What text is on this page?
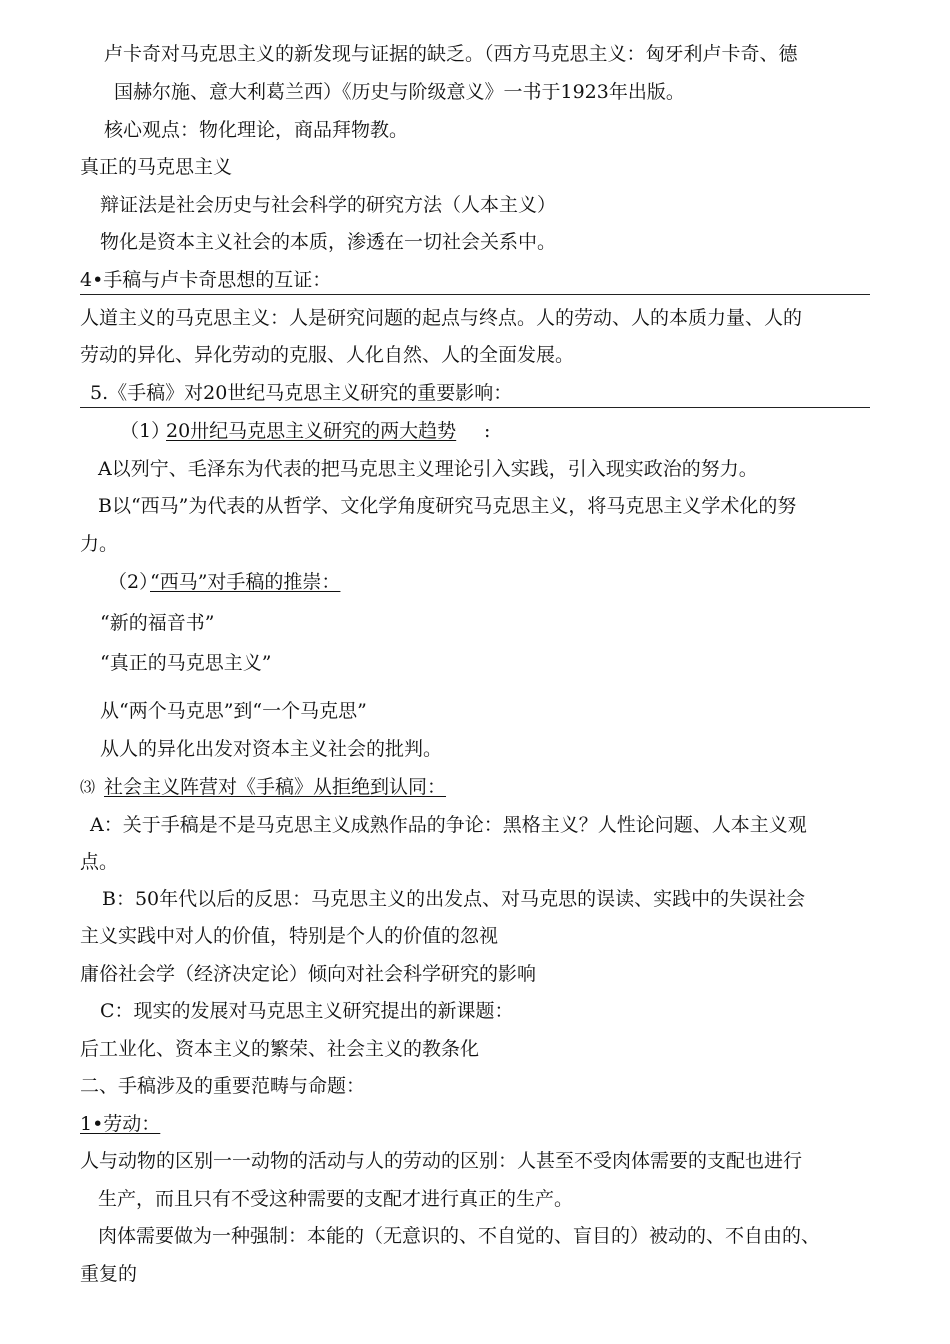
卢卡奇对马克思主义的新发现与证据的缺乏。（西方马克思主义：匈牙利卢卡奇、德
国赫尔施、意大利葛兰西）《历史与阶级意义》一书于1923年出版。
核心观点：物化理论，商品拜物教。
真正的马克思主义
辩证法是社会历史与社会科学的研究方法（人本主义）
物化是资本主义社会的本质，渗透在一切社会关系中。
4•手稿与卢卡奇思想的互证：
人道主义的马克思主义：人是研究问题的起点与终点。人的劳动、人的本质力量、人的
劳动的异化、异化劳动的克服、人化自然、人的全面发展。
5.《手稿》对20世纪马克思主义研究的重要影响：
（1）
20卅纪马克思主义研究的两大趋势 :
A以列宁、毛泽东为代表的把马克思主义理论引入实践，引入现实政治的努力。
B以“西马”为代表的从哲学、文化学角度研究马克思主义，将马克思主义学术化的努
力。
（2）
“西马”对手稿的推崇：
“新的福音书”
“真正的马克思主义”
从“两个马克思”到“一个马克思”
从人的异化出发对资本主义社会的批判。
⑶ 社会主义阵营对《手稿》从拒绝到认同：
A：关于手稿是不是马克思主义成熟作品的争论：黑格主义？人性论问题、人本主义观
点。
B：50年代以后的反思：马克思主义的出发点、对马克思的误读、实践中的失误社会
主义实践中对人的价值，特别是个人的价值的忽视
庸俗社会学（经济决定论）倾向对社会科学研究的影响
C：现实的发展对马克思主义研究提出的新课题：
后工业化、资本主义的繁荣、社会主义的教条化
二、手稿涉及的重要范畴与命题：
1•劳动：
人与动物的区别一一动物的活动与人的劳动的区别：人甚至不受肉体需要的支配也进行
生产，而且只有不受这种需要的支配才进行真正的生产。
肉体需要做为一种强制：本能的（无意识的、不自觉的、盲目的）被动的、不自由的、
重复的
